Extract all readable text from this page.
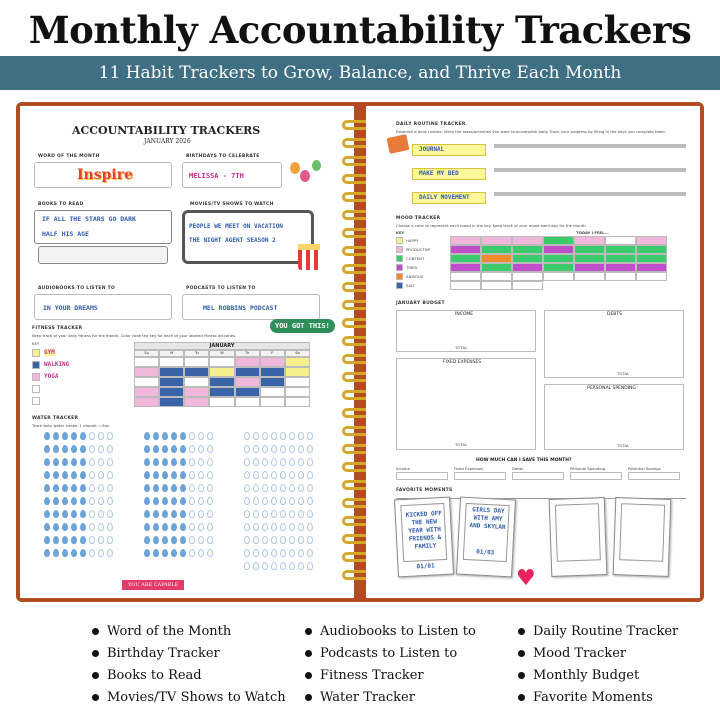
Monthly Accountability Trackers
11 Habit Trackers to Grow, Balance, and Thrive Each Month
ACCOUNTABILITY TRACKERS
JANUARY 2026
WORD OF THE MONTH
Inspire
BIRTHDAYS TO CELEBRATE
MELISSA - 7TH
BOOKS TO READ
IF ALL THE STARS GO DARK
HALF HIS AGE
MOVIES/TV SHOWS TO WATCH
PEOPLE WE MEET ON VACATION
THE NIGHT AGENT SEASON 2
AUDIOBOOKS TO LISTEN TO
IN YOUR DREAMS
PODCASTS TO LISTEN TO
MEL ROBBINS PODCAST
YOU GOT THIS!
FITNESS TRACKER
Keep track of your daily fitness for the month. Color code the key for each of your labeled fitness activities.
KEY
GYM
WALKING
YOGA
JANUARY
Su	M	Tu	W	Th	F	Sa
WATER TRACKER
Track daily water intake. 1 droplet = 8oz.
YOU ARE CAPABLE
DAILY ROUTINE TRACKER
Establish a daily routine. Write the tasks/activities you want to accomplish daily. Track your progress by filling in the days you complete them.
JOURNAL
MAKE MY BED
DAILY MOVEMENT
MOOD TRACKER
Choose a color to represent each mood in the key. Keep track of your mood each day for the month.
KEY	TODAY I FEEL...
HAPPY
PRODUCTIVE
CONTENT
TIRED
ANXIOUS
SAD
JANUARY BUDGET
INCOME
TOTAL
DEBTS
TOTAL
FIXED EXPENSES
TOTAL
PERSONAL SPENDING
TOTAL
HOW MUCH CAN I SAVE THIS MONTH?
Income	Fixed Expenses	Debts	Personal Spending	Potential Savings
FAVORITE MOMENTS
KICKED OFF THE NEW YEAR WITH FRIENDS & FAMILY
01/01
GIRLS DAY WITH AMY AND SKYLAR
01/03
♥
Word of the Month
Birthday Tracker
Books to Read
Movies/TV Shows to Watch
Audiobooks to Listen to
Podcasts to Listen to
Fitness Tracker
Water Tracker
Daily Routine Tracker
Mood Tracker
Monthly Budget
Favorite Moments
